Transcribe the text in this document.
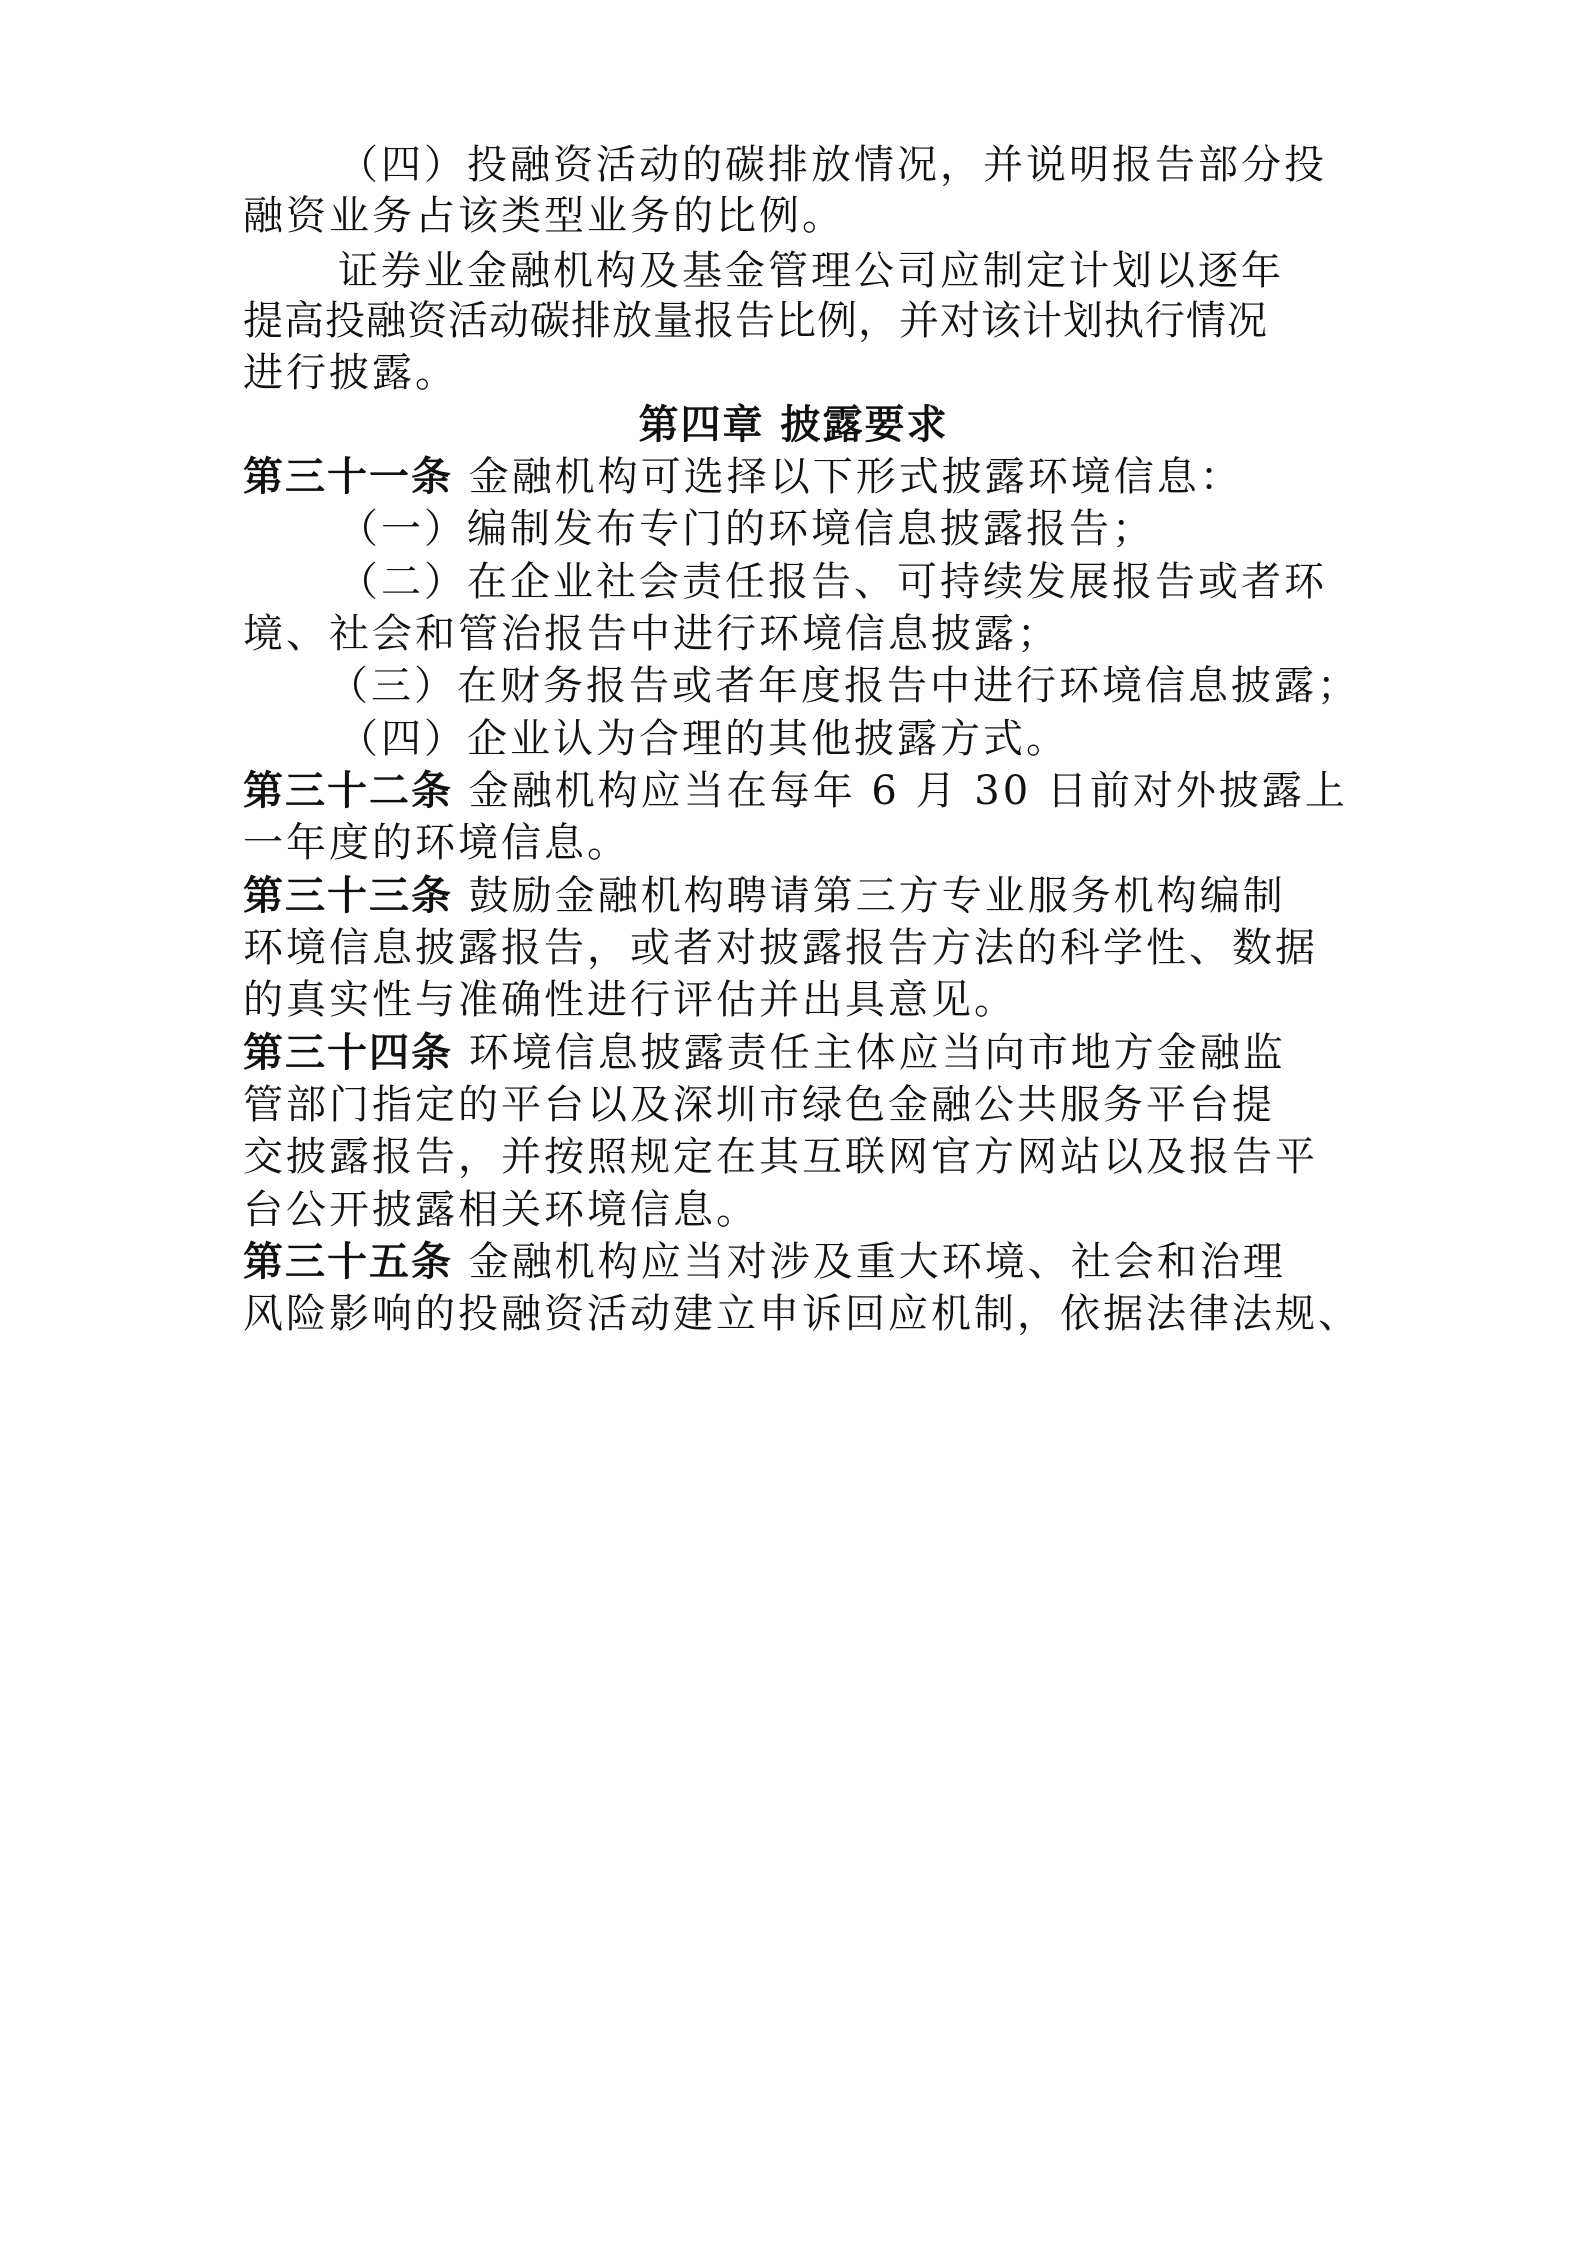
（四）投融资活动的碳排放情况，并说明报告部分投
融资业务占该类型业务的比例。
证券业金融机构及基金管理公司应制定计划以逐年
提高投融资活动碳排放量报告比例，并对该计划执行情况
进行披露。
第四章 披露要求
第三十一条 金融机构可选择以下形式披露环境信息：
（一）编制发布专门的环境信息披露报告；
（二）在企业社会责任报告、可持续发展报告或者环
境、社会和管治报告中进行环境信息披露；
（三）在财务报告或者年度报告中进行环境信息披露；
（四）企业认为合理的其他披露方式。
第三十二条 金融机构应当在每年 6 月 30 日前对外披露上
一年度的环境信息。
第三十三条 鼓励金融机构聘请第三方专业服务机构编制
环境信息披露报告，或者对披露报告方法的科学性、数据
的真实性与准确性进行评估并出具意见。
第三十四条 环境信息披露责任主体应当向市地方金融监
管部门指定的平台以及深圳市绿色金融公共服务平台提
交披露报告，并按照规定在其互联网官方网站以及报告平
台公开披露相关环境信息。
第三十五条 金融机构应当对涉及重大环境、社会和治理
风险影响的投融资活动建立申诉回应机制，依据法律法规、
